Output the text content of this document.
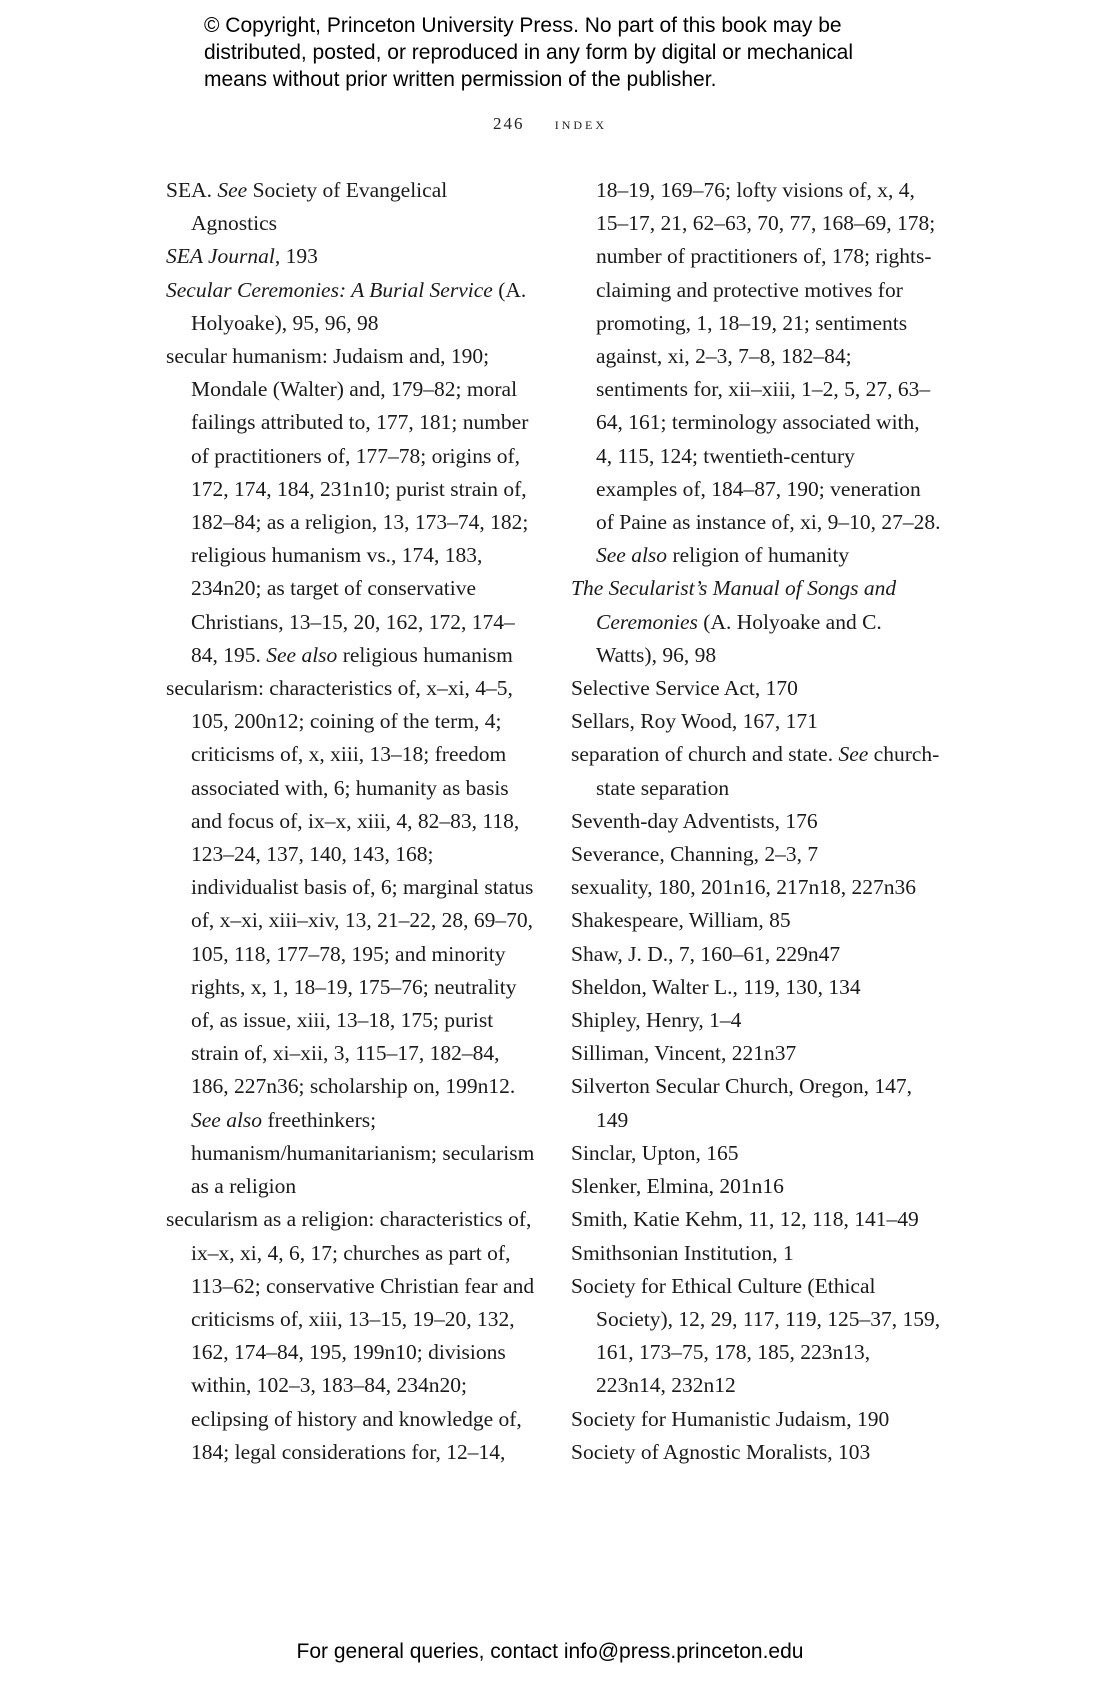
© Copyright, Princeton University Press. No part of this book may be
distributed, posted, or reproduced in any form by digital or mechanical
means without prior written permission of the publisher.
246 index

SEA. See Society of Evangelical Agnostics

SEA Journal, 193

Secular Ceremonies: A Burial Service (A. Holyoake), 95, 96, 98

secular humanism: Judaism and, 190; Mondale (Walter) and, 179–82; moral failings attributed to, 177, 181; number of practitioners of, 177–78; origins of, 172, 174, 184, 231n10; purist strain of, 182–84; as a religion, 13, 173–74, 182; religious humanism vs., 174, 183, 234n20; as target of conservative Christians, 13–15, 20, 162, 172, 174–84, 195. See also religious humanism

secularism: characteristics of, x–xi, 4–5, 105, 200n12; coining of the term, 4; criticisms of, x, xiii, 13–18; freedom associated with, 6; humanity as basis and focus of, ix–x, xiii, 4, 82–83, 118, 123–24, 137, 140, 143, 168; individualist basis of, 6; marginal status of, x–xi, xiii–xiv, 13, 21–22, 28, 69–70, 105, 118, 177–78, 195; and minority rights, x, 1, 18–19, 175–76; neutrality of, as issue, xiii, 13–18, 175; purist strain of, xi–xii, 3, 115–17, 182–84, 186, 227n36; scholarship on, 199n12. See also freethinkers; humanism/humanitarianism; secularism as a religion

secularism as a religion: characteristics of, ix–x, xi, 4, 6, 17; churches as part of, 113–62; conservative Christian fear and criticisms of, xiii, 13–15, 19–20, 132, 162, 174–84, 195, 199n10; divisions within, 102–3, 183–84, 234n20; eclipsing of history and knowledge of, 184; legal considerations for, 12–14,

18–19, 169–76; lofty visions of, x, 4, 15–17, 21, 62–63, 70, 77, 168–69, 178; number of practitioners of, 178; rights-claiming and protective motives for promoting, 1, 18–19, 21; sentiments against, xi, 2–3, 7–8, 182–84; sentiments for, xii–xiii, 1–2, 5, 27, 63–64, 161; terminology associated with, 4, 115, 124; twentieth-century examples of, 184–87, 190; veneration of Paine as instance of, xi, 9–10, 27–28. See also religion of humanity

The Secularist’s Manual of Songs and Ceremonies (A. Holyoake and C. Watts), 96, 98

Selective Service Act, 170

Sellars, Roy Wood, 167, 171

separation of church and state. See church-state separation

Seventh-day Adventists, 176

Severance, Channing, 2–3, 7

sexuality, 180, 201n16, 217n18, 227n36

Shakespeare, William, 85

Shaw, J. D., 7, 160–61, 229n47

Sheldon, Walter L., 119, 130, 134

Shipley, Henry, 1–4

Silliman, Vincent, 221n37

Silverton Secular Church, Oregon, 147, 149

Sinclar, Upton, 165

Slenker, Elmina, 201n16

Smith, Katie Kehm, 11, 12, 118, 141–49

Smithsonian Institution, 1

Society for Ethical Culture (Ethical Society), 12, 29, 117, 119, 125–37, 159, 161, 173–75, 178, 185, 223n13, 223n14, 232n12

Society for Humanistic Judaism, 190

Society of Agnostic Moralists, 103

For general queries, contact info@press.princeton.edu
